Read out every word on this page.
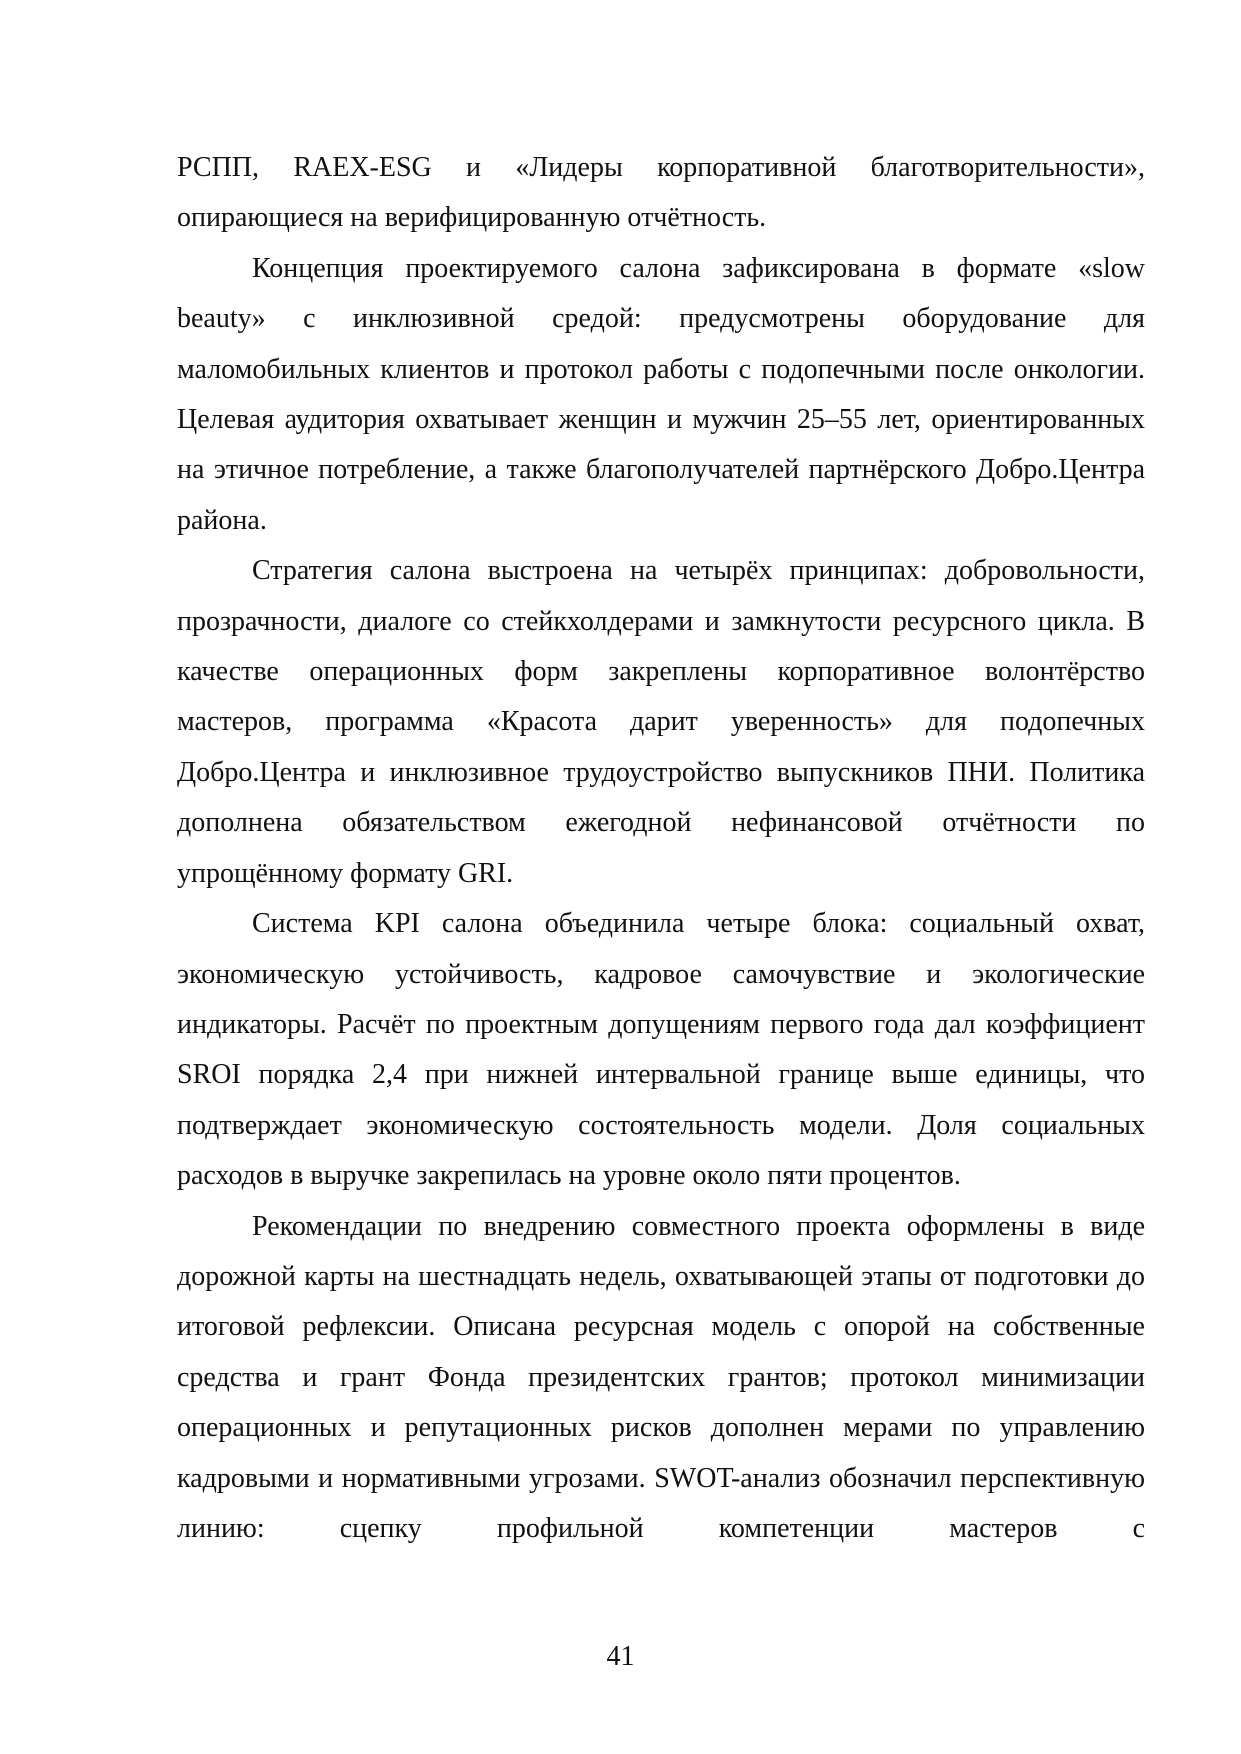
РСПП, RAEX-ESG и «Лидеры корпоративной благотворительности», опирающиеся на верифицированную отчётность.

Концепция проектируемого салона зафиксирована в формате «slow beauty» с инклюзивной средой: предусмотрены оборудование для маломобильных клиентов и протокол работы с подопечными после онкологии. Целевая аудитория охватывает женщин и мужчин 25–55 лет, ориентированных на этичное потребление, а также благополучателей партнёрского Добро.Центра района.

Стратегия салона выстроена на четырёх принципах: добровольности, прозрачности, диалоге со стейкхолдерами и замкнутости ресурсного цикла. В качестве операционных форм закреплены корпоративное волонтёрство мастеров, программа «Красота дарит уверенность» для подопечных Добро.Центра и инклюзивное трудоустройство выпускников ПНИ. Политика дополнена обязательством ежегодной нефинансовой отчётности по упрощённому формату GRI.

Система KPI салона объединила четыре блока: социальный охват, экономическую устойчивость, кадровое самочувствие и экологические индикаторы. Расчёт по проектным допущениям первого года дал коэффициент SROI порядка 2,4 при нижней интервальной границе выше единицы, что подтверждает экономическую состоятельность модели. Доля социальных расходов в выручке закрепилась на уровне около пяти процентов.

Рекомендации по внедрению совместного проекта оформлены в виде дорожной карты на шестнадцать недель, охватывающей этапы от подготовки до итоговой рефлексии. Описана ресурсная модель с опорой на собственные средства и грант Фонда президентских грантов; протокол минимизации операционных и репутационных рисков дополнен мерами по управлению кадровыми и нормативными угрозами. SWOT-анализ обозначил перспективную линию: сцепку профильной компетенции мастеров с

41
